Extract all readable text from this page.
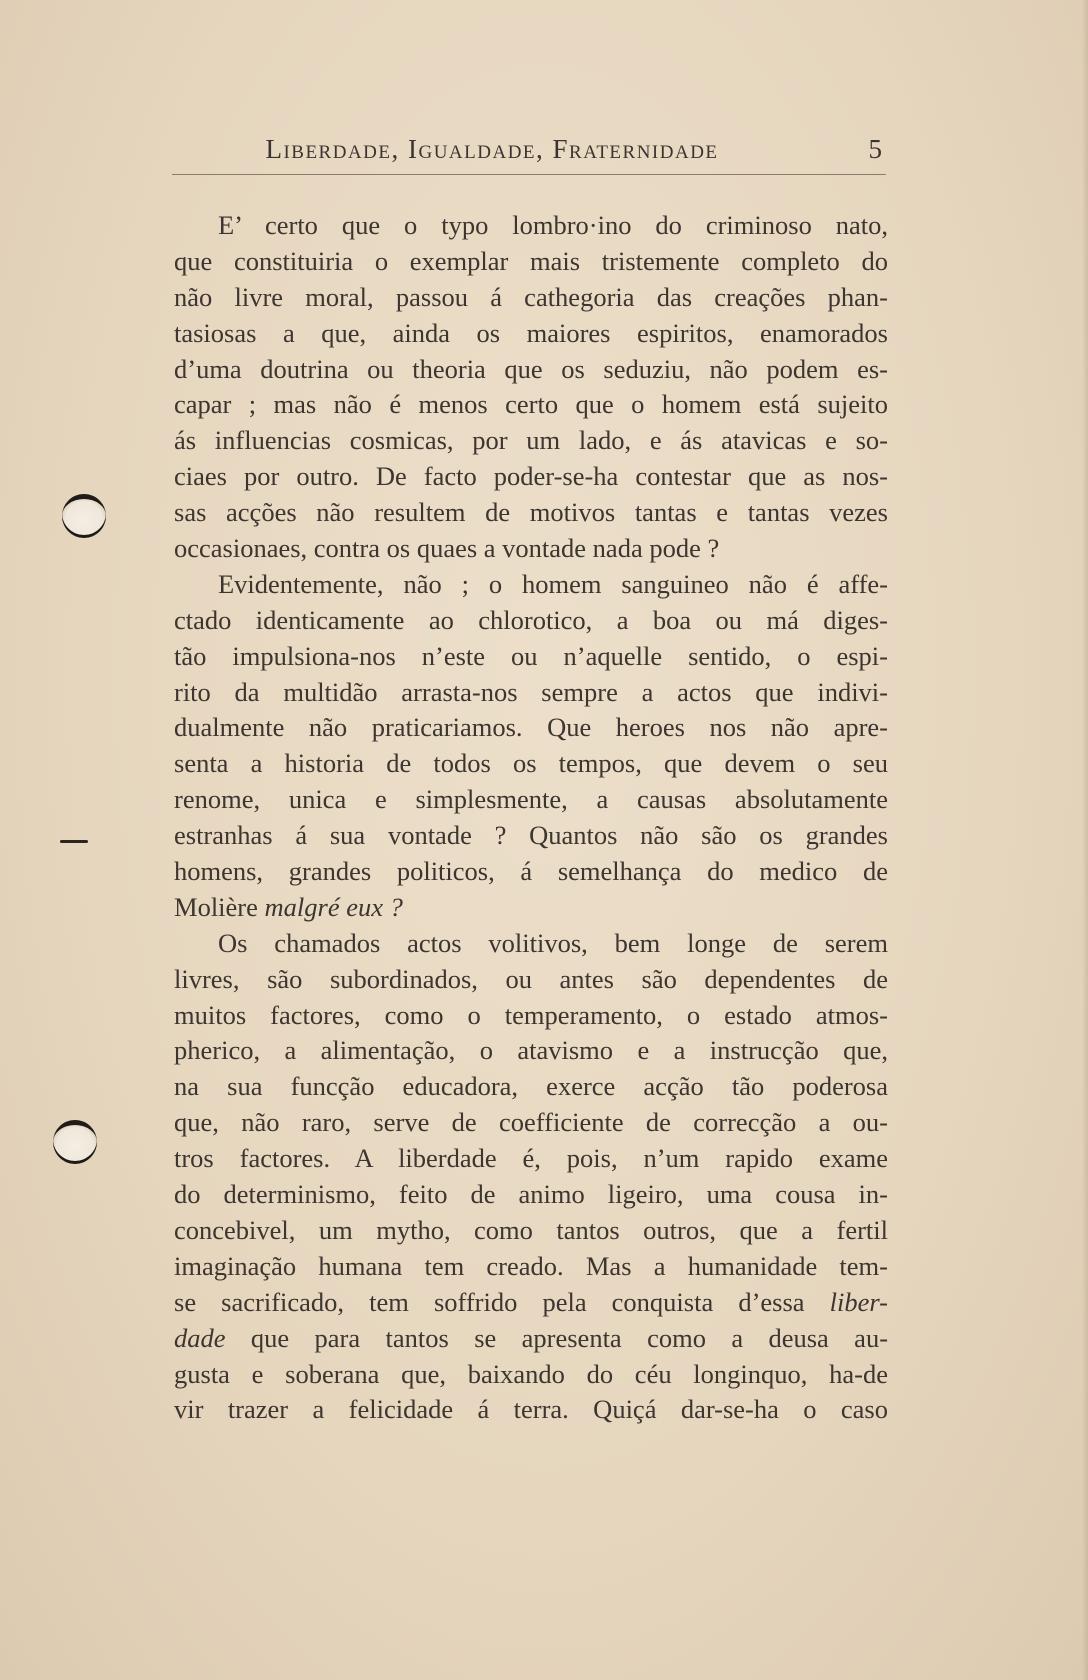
Liberdade, Igualdade, Fraternidade	5
E’ certo que o typo lombro·ino do criminoso nato,
que constituiria o exemplar mais tristemente completo do
não livre moral, passou á cathegoria das creações phan-
tasiosas a que, ainda os maiores espiritos, enamorados
d’uma doutrina ou theoria que os seduziu, não podem es-
capar ; mas não é menos certo que o homem está sujeito
ás influencias cosmicas, por um lado, e ás atavicas e so-
ciaes por outro. De facto poder-se-ha contestar que as nos-
sas acções não resultem de motivos tantas e tantas vezes
occasionaes, contra os quaes a vontade nada pode ?
Evidentemente, não ; o homem sanguineo não é affe-
ctado identicamente ao chlorotico, a boa ou má diges-
tão impulsiona-nos n’este ou n’aquelle sentido, o espi-
rito da multidão arrasta-nos sempre a actos que indivi-
dualmente não praticariamos. Que heroes nos não apre-
senta a historia de todos os tempos, que devem o seu
renome, unica e simplesmente, a causas absolutamente
estranhas á sua vontade ? Quantos não são os grandes
homens, grandes politicos, á semelhança do medico de
Molière malgré eux ?
Os chamados actos volitivos, bem longe de serem
livres, são subordinados, ou antes são dependentes de
muitos factores, como o temperamento, o estado atmos-
pherico, a alimentação, o atavismo e a instrucção que,
na sua funcção educadora, exerce acção tão poderosa
que, não raro, serve de coefficiente de correcção a ou-
tros factores. A liberdade é, pois, n’um rapido exame
do determinismo, feito de animo ligeiro, uma cousa in-
concebivel, um mytho, como tantos outros, que a fertil
imaginação humana tem creado. Mas a humanidade tem-
se sacrificado, tem soffrido pela conquista d’essa liber-
dade que para tantos se apresenta como a deusa au-
gusta e soberana que, baixando do céu longinquo, ha-de
vir trazer a felicidade á terra. Quiçá dar-se-ha o caso
